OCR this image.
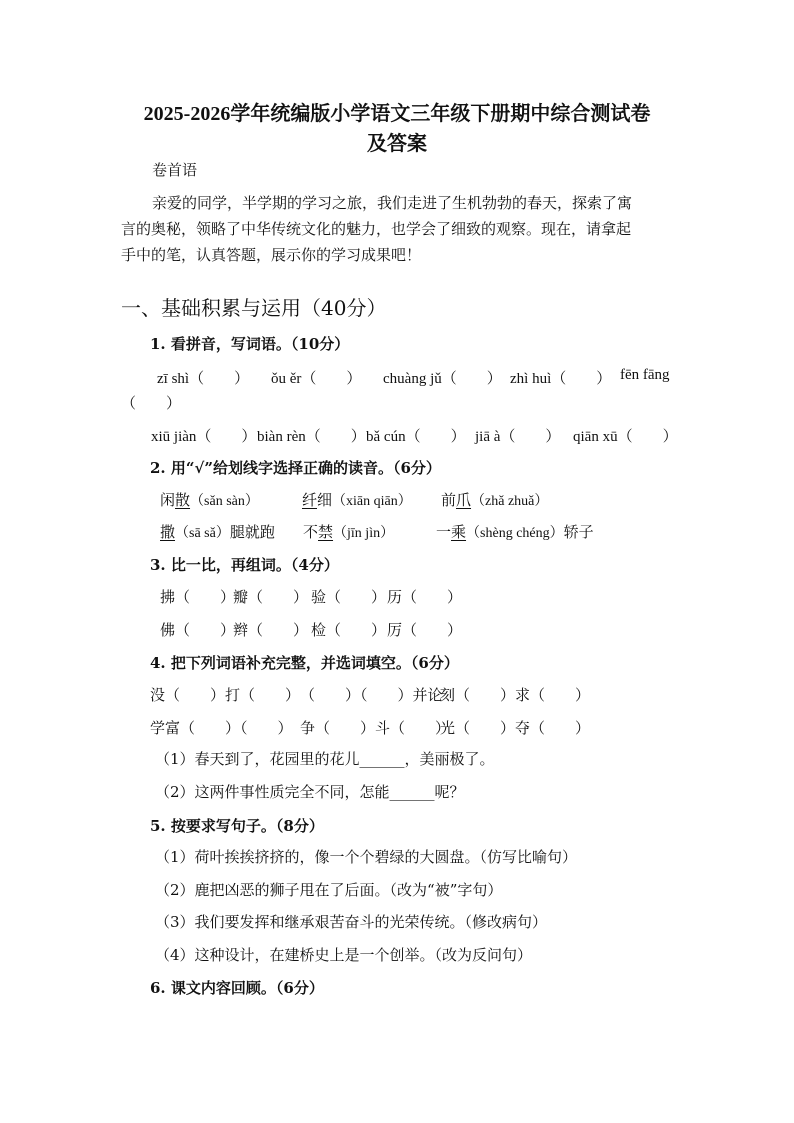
2025-2026学年统编版小学语文三年级下册期中综合测试卷
及答案
卷首语
亲爱的同学，半学期的学习之旅，我们走进了生机勃勃的春天，探索了寓
言的奥秘，领略了中华传统文化的魅力，也学会了细致的观察。现在，请拿起
手中的笔，认真答题，展示你的学习成果吧！
一、基础积累与运用（40分）
1. 看拼音，写词语。（10分）
zī shì（　　） ǒu ěr（　　） chuàng jǔ（　　） zhì huì（　　） fēn fāng
（　　）
xiū jiàn（　　） biàn rèn（　　） bǎ cún（　　） jiā à（　　） qiān xū（　　）
2. 用“√”给划线字选择正确的读音。（6分）
闲散（sǎn sàn）	纤细（xiān qiān） 前爪（zhǎ zhuǎ）
撒（sā sǎ）腿就跑 不禁（jīn jìn）	一乘（shèng chéng）轿子
3. 比一比，再组词。（4分）
拂（　　）
瓣（　　） 验（　　） 历（　　）
佛（　　）
辫（　　） 检（　　） 厉（　　）
4. 把下列词语补充完整，并选词填空。（6分）
没（　　）打（　　） （　　）（　　）并论
刻（　　）求（　　）
学富（　　）（　　） 争（　　）斗（　　）
光（　　）夺（　　）
（1）春天到了，花园里的花儿______，美丽极了。
（2）这两件事性质完全不同，怎能______呢？
5. 按要求写句子。（8分）
（1）荷叶挨挨挤挤的，像一个个碧绿的大圆盘。（仿写比喻句）
（2）鹿把凶恶的狮子甩在了后面。（改为“被”字句）
（3）我们要发挥和继承艰苦奋斗的光荣传统。（修改病句）
（4）这种设计，在建桥史上是一个创举。（改为反问句）
6. 课文内容回顾。（6分）
